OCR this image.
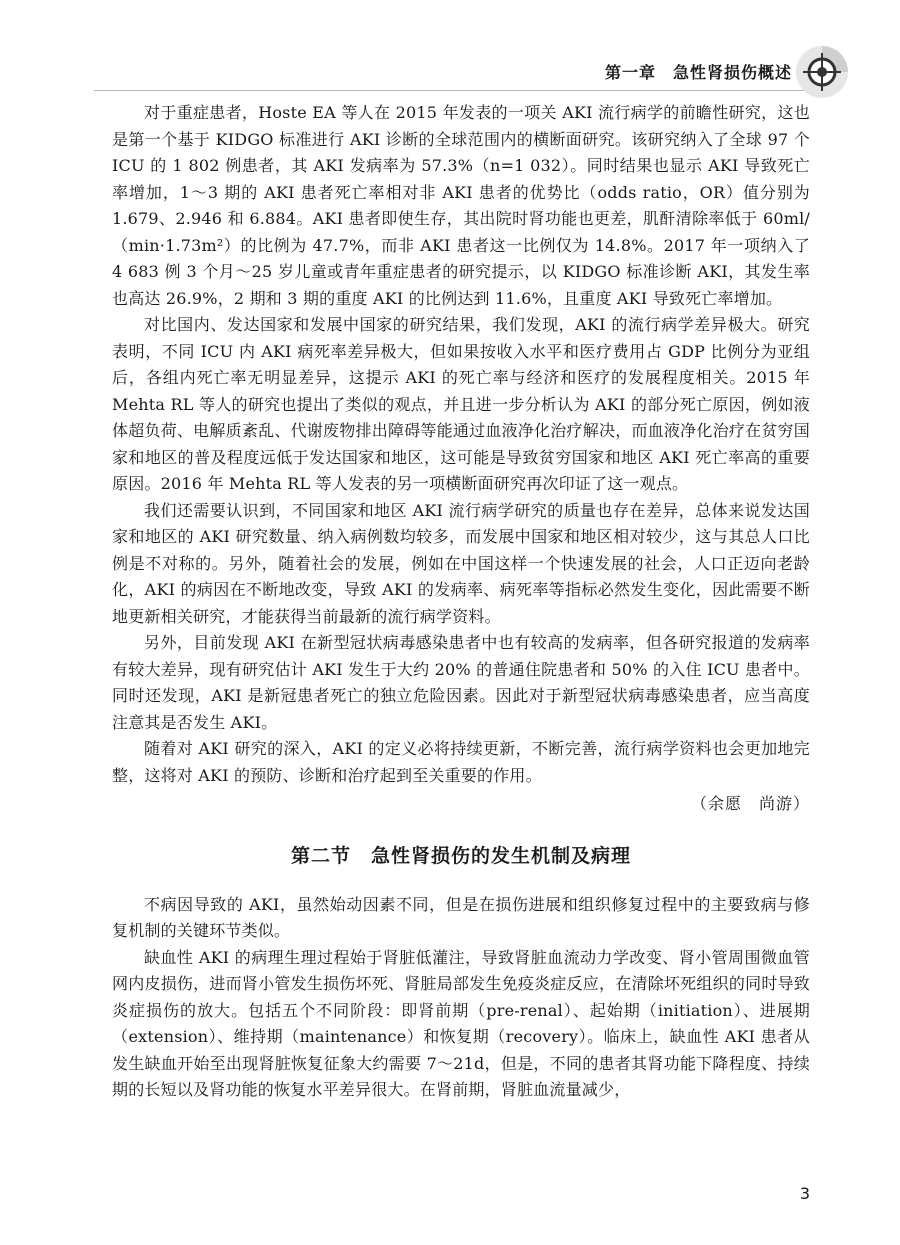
第一章　急性肾损伤概述

对于重症患者，Hoste EA 等人在 2015 年发表的一项关 AKI 流行病学的前瞻性研究，这也是第一个基于 KIDGO 标准进行 AKI 诊断的全球范围内的横断面研究。该研究纳入了全球 97 个 ICU 的 1 802 例患者，其 AKI 发病率为 57.3%（n=1 032）。同时结果也显示 AKI 导致死亡率增加，1～3 期的 AKI 患者死亡率相对非 AKI 患者的优势比（odds ratio，OR）值分别为 1.679、2.946 和 6.884。AKI 患者即使生存，其出院时肾功能也更差，肌酐清除率低于 60ml/（min·1.73m²）的比例为 47.7%，而非 AKI 患者这一比例仅为 14.8%。2017 年一项纳入了 4 683 例 3 个月～25 岁儿童或青年重症患者的研究提示，以 KIDGO 标准诊断 AKI，其发生率也高达 26.9%，2 期和 3 期的重度 AKI 的比例达到 11.6%，且重度 AKI 导致死亡率增加。

对比国内、发达国家和发展中国家的研究结果，我们发现，AKI 的流行病学差异极大。研究表明，不同 ICU 内 AKI 病死率差异极大，但如果按收入水平和医疗费用占 GDP 比例分为亚组后，各组内死亡率无明显差异，这提示 AKI 的死亡率与经济和医疗的发展程度相关。2015 年 Mehta RL 等人的研究也提出了类似的观点，并且进一步分析认为 AKI 的部分死亡原因，例如液体超负荷、电解质紊乱、代谢废物排出障碍等能通过血液净化治疗解决，而血液净化治疗在贫穷国家和地区的普及程度远低于发达国家和地区，这可能是导致贫穷国家和地区 AKI 死亡率高的重要原因。2016 年 Mehta RL 等人发表的另一项横断面研究再次印证了这一观点。

我们还需要认识到，不同国家和地区 AKI 流行病学研究的质量也存在差异，总体来说发达国家和地区的 AKI 研究数量、纳入病例数均较多，而发展中国家和地区相对较少，这与其总人口比例是不对称的。另外，随着社会的发展，例如在中国这样一个快速发展的社会，人口正迈向老龄化，AKI 的病因在不断地改变，导致 AKI 的发病率、病死率等指标必然发生变化，因此需要不断地更新相关研究，才能获得当前最新的流行病学资料。

另外，目前发现 AKI 在新型冠状病毒感染患者中也有较高的发病率，但各研究报道的发病率有较大差异，现有研究估计 AKI 发生于大约 20% 的普通住院患者和 50% 的入住 ICU 患者中。同时还发现，AKI 是新冠患者死亡的独立危险因素。因此对于新型冠状病毒感染患者，应当高度注意其是否发生 AKI。

随着对 AKI 研究的深入，AKI 的定义必将持续更新，不断完善，流行病学资料也会更加地完整，这将对 AKI 的预防、诊断和治疗起到至关重要的作用。

（余愿　尚游）

第二节　急性肾损伤的发生机制及病理

不病因导致的 AKI，虽然始动因素不同，但是在损伤进展和组织修复过程中的主要致病与修复机制的关键环节类似。

缺血性 AKI 的病理生理过程始于肾脏低灌注，导致肾脏血流动力学改变、肾小管周围微血管网内皮损伤，进而肾小管发生损伤坏死、肾脏局部发生免疫炎症反应，在清除坏死组织的同时导致炎症损伤的放大。包括五个不同阶段：即肾前期（pre-renal）、起始期（initiation）、进展期（extension）、维持期（maintenance）和恢复期（recovery）。临床上，缺血性 AKI 患者从发生缺血开始至出现肾脏恢复征象大约需要 7～21d，但是，不同的患者其肾功能下降程度、持续期的长短以及肾功能的恢复水平差异很大。在肾前期，肾脏血流量减少，

3
